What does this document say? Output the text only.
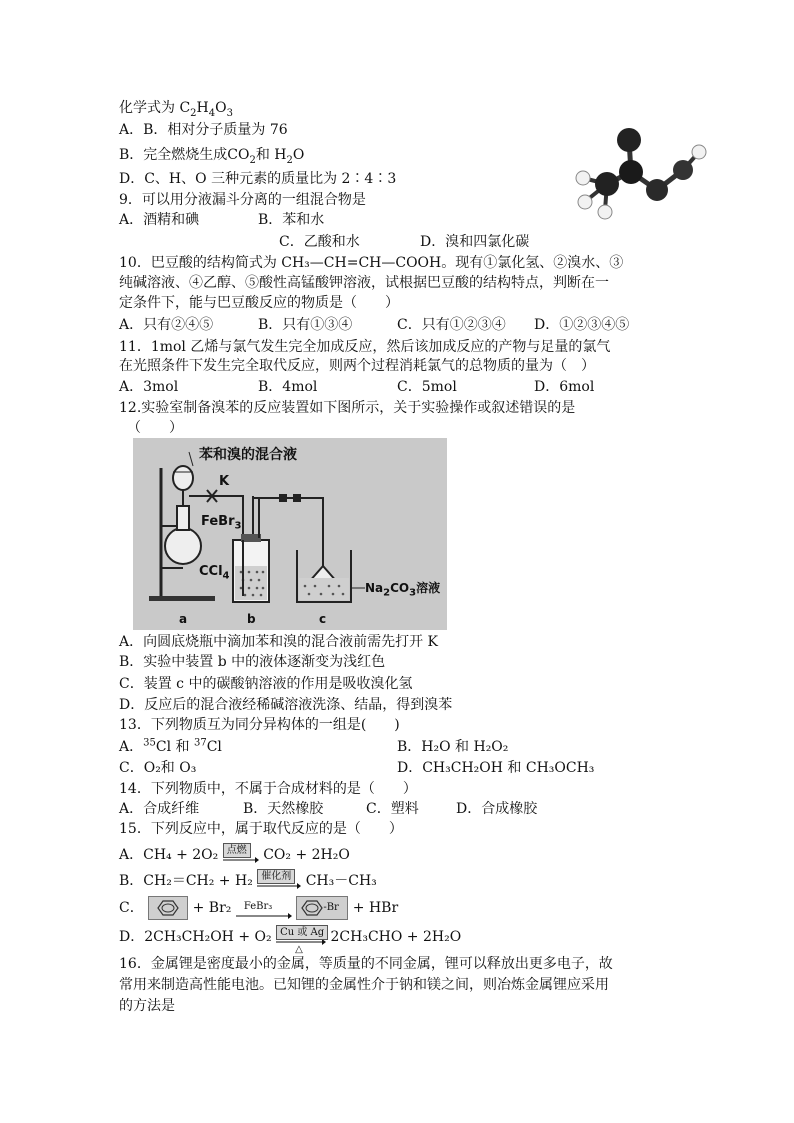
化学式为 $C_2H_4O_3$
A．B．相对分子质量为 76
B．完全燃烧生成$CO_2$和 $H_2O$
D．C、H、O 三种元素的质量比为 2∶4∶3
9．可以用分液漏斗分离的一组混合物是
A．酒精和碘	B．苯和水
C．乙酸和水	D．溴和四氯化碳
10．巴豆酸的结构简式为 CH₃—CH=CH—COOH。现有①氯化氢、②溴水、③
纯碱溶液、④乙醇、⑤酸性高锰酸钾溶液，试根据巴豆酸的结构特点，判断在一
定条件下，能与巴豆酸反应的物质是（　　）
A．只有②④⑤	B．只有①③④	C．只有①②③④ D．①②③④⑤
11．1mol 乙烯与氯气发生完全加成反应，然后该加成反应的产物与足量的氯气
在光照条件下发生完全取代反应，则两个过程消耗氯气的总物质的量为（　）
A．3mol	B．4mol	C．5mol	D．6mol
12.实验室制备溴苯的反应装置如下图所示，关于实验操作或叙述错误的是
（　　）
苯和溴的混合液
K
FeBr$_3$
CCl$_4$
$Na_2CO_3$溶液
a	b	c
A．向圆底烧瓶中滴加苯和溴的混合液前需先打开 K
B．实验中装置 b 中的液体逐渐变为浅红色
C．装置 c 中的碳酸钠溶液的作用是吸收溴化氢
D．反应后的混合液经稀碱溶液洗涤、结晶，得到溴苯
13．下列物质互为同分异构体的一组是(　　)
A．$^{35}$Cl 和 $^{37}$Cl	B．H₂O 和 H₂O₂
C．O₂和 O₃	D．CH₃CH₂OH 和 CH₃OCH₃
14．下列物质中，不属于合成材料的是（　　）
A．合成纤维	B．天然橡胶	C．塑料	D．合成橡胶
15．下列反应中，属于取代反应的是（　　）
A．CH₄ + 2O₂ 点燃 CO₂ + 2H₂O
B．CH₂＝CH₂ + H₂ 催化剂 CH₃－CH₃
C．	+ Br₂ FeBr₃
	-Br + HBr
D．2CH₃CH₂OH + O₂ Cu 或 Ag
△
2CH₃CHO + 2H₂O
16．金属锂是密度最小的金属，等质量的不同金属，锂可以释放出更多电子，故
常用来制造高性能电池。已知锂的金属性介于钠和镁之间，则冶炼金属锂应采用
的方法是
